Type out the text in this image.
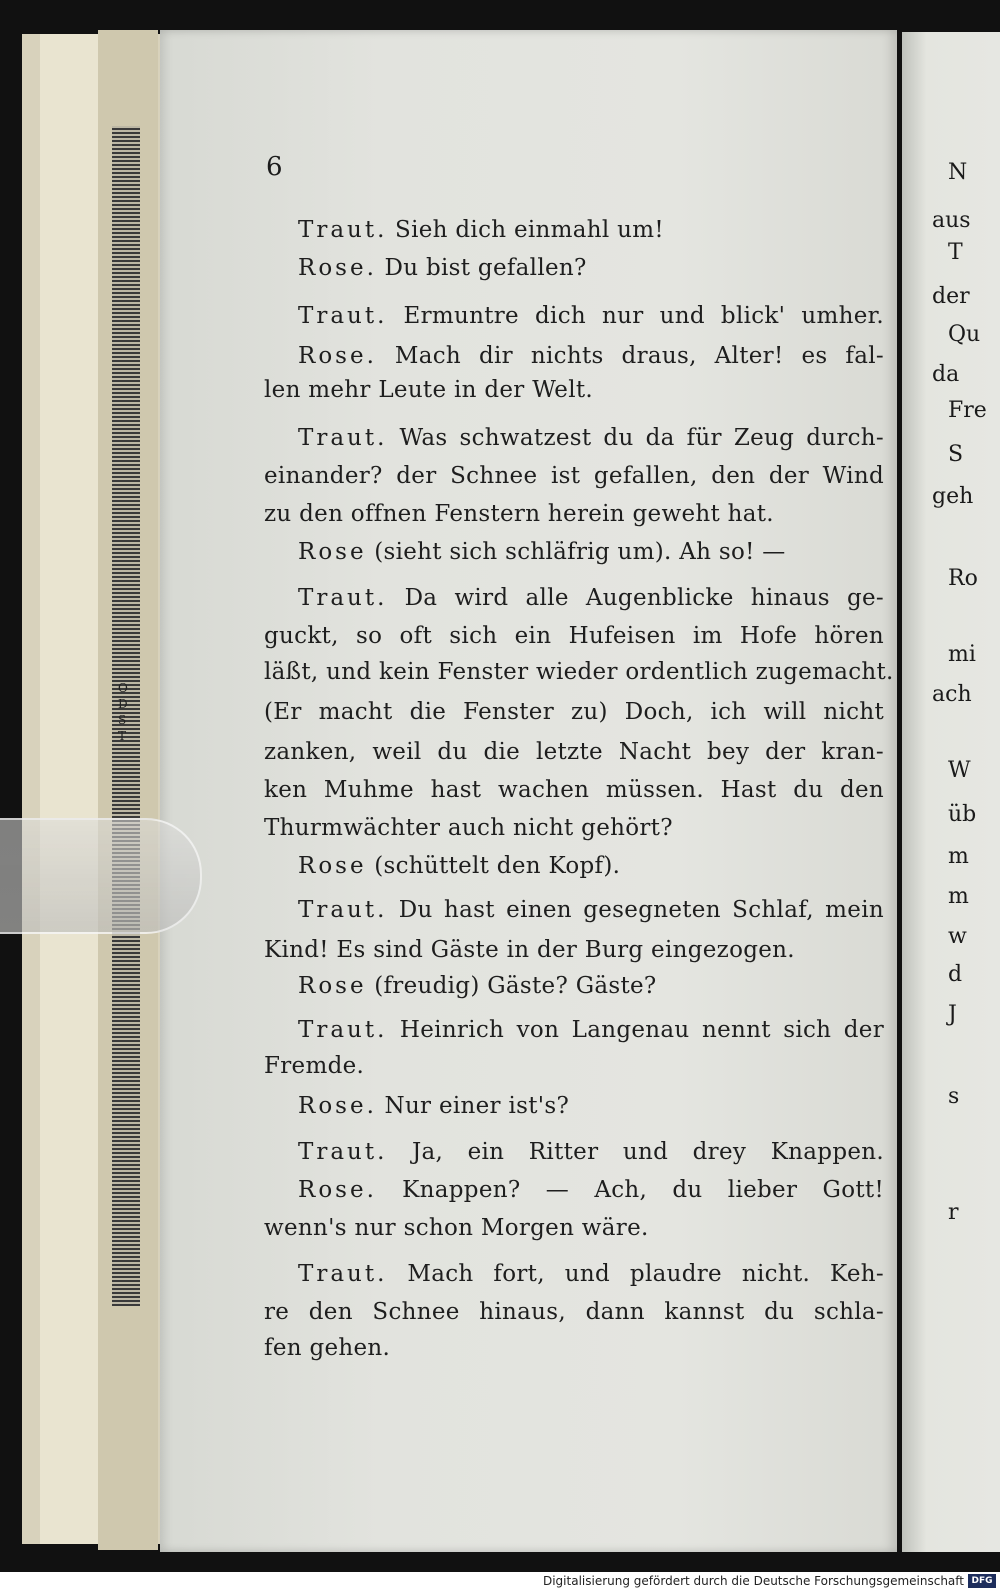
O
D
S
T
N
aus
T
der
Qu
da
Fre
S
geh
Ro
mi
ach
W
üb
m
m
w
d
J
s
r
6
Traut. Sieh dich einmahl um!
Rose. Du bist gefallen?
Traut. Ermuntre dich nur und blick' umher.
Rose. Mach dir nichts draus, Alter! es fal-
len mehr Leute in der Welt.
Traut. Was schwatzest du da für Zeug durch-
einander? der Schnee ist gefallen, den der Wind
zu den offnen Fenstern herein geweht hat.
Rose (sieht sich schläfrig um). Ah so! —
Traut. Da wird alle Augenblicke hinaus ge-
guckt, so oft sich ein Hufeisen im Hofe hören
läßt, und kein Fenster wieder ordentlich zugemacht.
(Er macht die Fenster zu) Doch, ich will nicht
zanken, weil du die letzte Nacht bey der kran-
ken Muhme hast wachen müssen. Hast du den
Thurmwächter auch nicht gehört?
Rose (schüttelt den Kopf).
Traut. Du hast einen gesegneten Schlaf, mein
Kind! Es sind Gäste in der Burg eingezogen.
Rose (freudig) Gäste? Gäste?
Traut. Heinrich von Langenau nennt sich der
Fremde.
Rose. Nur einer ist's?
Traut. Ja, ein Ritter und drey Knappen.
Rose. Knappen? — Ach, du lieber Gott!
wenn's nur schon Morgen wäre.
Traut. Mach fort, und plaudre nicht. Keh-
re den Schnee hinaus, dann kannst du schla-
fen gehen.
Digitalisierung gefördert durch die Deutsche Forschungsgemeinschaft DFG
